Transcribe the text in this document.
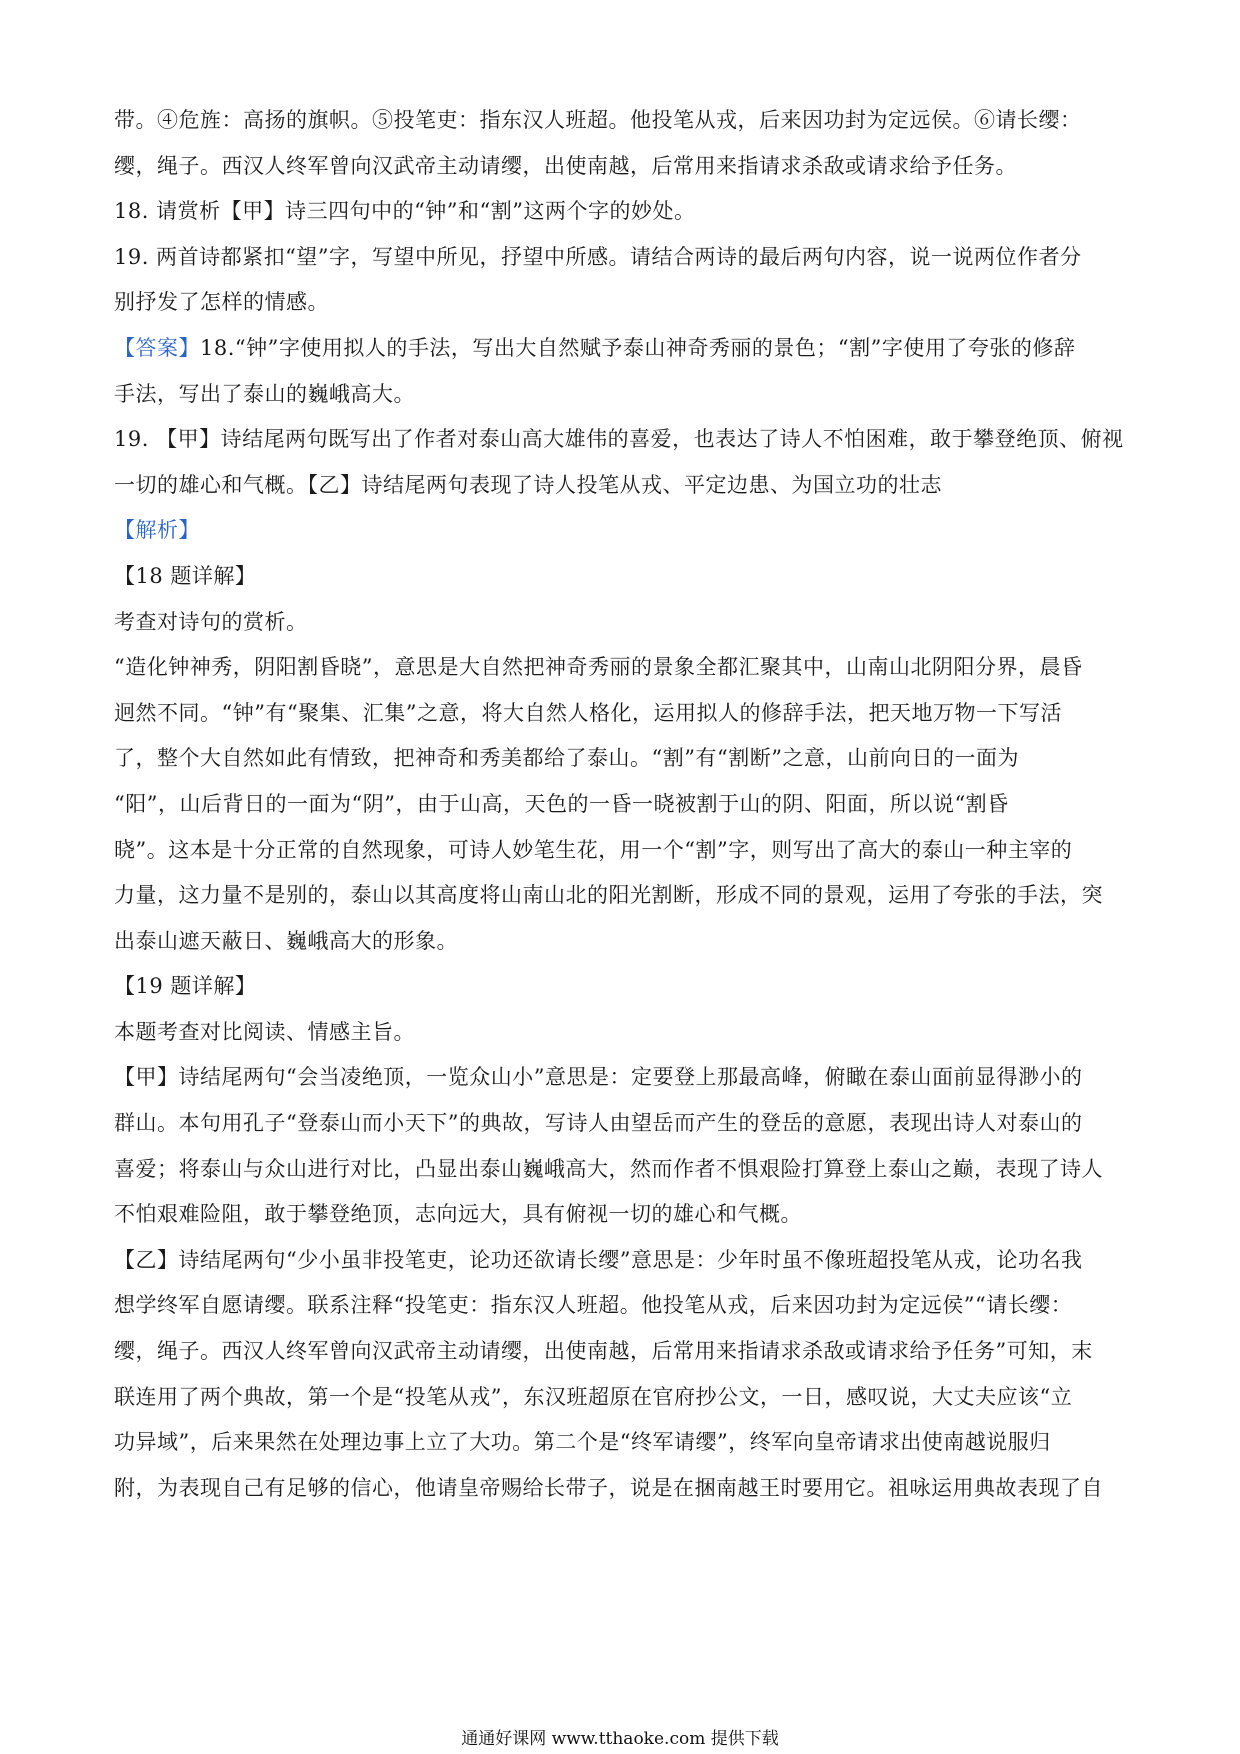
带。④危旌：高扬的旗帜。⑤投笔吏：指东汉人班超。他投笔从戎，后来因功封为定远侯。⑥请长缨：
缨，绳子。西汉人终军曾向汉武帝主动请缨，出使南越，后常用来指请求杀敌或请求给予任务。
18. 请赏析【甲】诗三四句中的“钟”和“割”这两个字的妙处。
19. 两首诗都紧扣“望”字，写望中所见，抒望中所感。请结合两诗的最后两句内容，说一说两位作者分
别抒发了怎样的情感。
【答案】18.“钟”字使用拟人的手法，写出大自然赋予泰山神奇秀丽的景色；“割”字使用了夸张的修辞
手法，写出了泰山的巍峨高大。
19. 【甲】诗结尾两句既写出了作者对泰山高大雄伟的喜爱，也表达了诗人不怕困难，敢于攀登绝顶、俯视
一切的雄心和气概。【乙】诗结尾两句表现了诗人投笔从戎、平定边患、为国立功的壮志
【解析】
【18 题详解】
考查对诗句的赏析。
“造化钟神秀，阴阳割昏晓”，意思是大自然把神奇秀丽的景象全都汇聚其中，山南山北阴阳分界，晨昏
迥然不同。“钟”有“聚集、汇集”之意，将大自然人格化，运用拟人的修辞手法，把天地万物一下写活
了，整个大自然如此有情致，把神奇和秀美都给了泰山。“割”有“割断”之意，山前向日的一面为
“阳”，山后背日的一面为“阴”，由于山高，天色的一昏一晓被割于山的阴、阳面，所以说“割昏
晓”。这本是十分正常的自然现象，可诗人妙笔生花，用一个“割”字，则写出了高大的泰山一种主宰的
力量，这力量不是别的，泰山以其高度将山南山北的阳光割断，形成不同的景观，运用了夸张的手法，突
出泰山遮天蔽日、巍峨高大的形象。
【19 题详解】
本题考查对比阅读、情感主旨。
【甲】诗结尾两句“会当凌绝顶，一览众山小”意思是：定要登上那最高峰，俯瞰在泰山面前显得渺小的
群山。本句用孔子“登泰山而小天下”的典故，写诗人由望岳而产生的登岳的意愿，表现出诗人对泰山的
喜爱；将泰山与众山进行对比，凸显出泰山巍峨高大，然而作者不惧艰险打算登上泰山之巅，表现了诗人
不怕艰难险阻，敢于攀登绝顶，志向远大，具有俯视一切的雄心和气概。
【乙】诗结尾两句“少小虽非投笔吏，论功还欲请长缨”意思是：少年时虽不像班超投笔从戎，论功名我
想学终军自愿请缨。联系注释“投笔吏：指东汉人班超。他投笔从戎，后来因功封为定远侯”“请长缨：
缨，绳子。西汉人终军曾向汉武帝主动请缨，出使南越，后常用来指请求杀敌或请求给予任务”可知，末
联连用了两个典故，第一个是“投笔从戎”，东汉班超原在官府抄公文，一日，感叹说，大丈夫应该“立
功异域”，后来果然在处理边事上立了大功。第二个是“终军请缨”，终军向皇帝请求出使南越说服归
附，为表现自己有足够的信心，他请皇帝赐给长带子，说是在捆南越王时要用它。祖咏运用典故表现了自
通通好课网 www.tthaoke.com 提供下载
